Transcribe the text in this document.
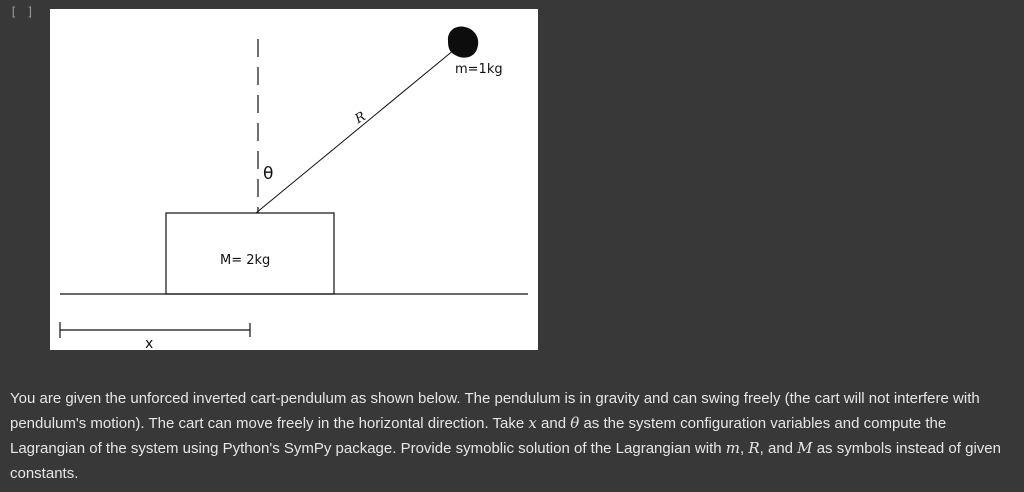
[ ]
m=1kg
R
θ
M= 2kg
x
You are given the unforced inverted cart-pendulum as shown below. The pendulum is in gravity and can swing freely (the cart will not interfere with pendulum's motion). The cart can move freely in the horizontal direction. Take x and θ as the system configuration variables and compute the Lagrangian of the system using Python's SymPy package. Provide symoblic solution of the Lagrangian with m, R, and M as symbols instead of given constants.
